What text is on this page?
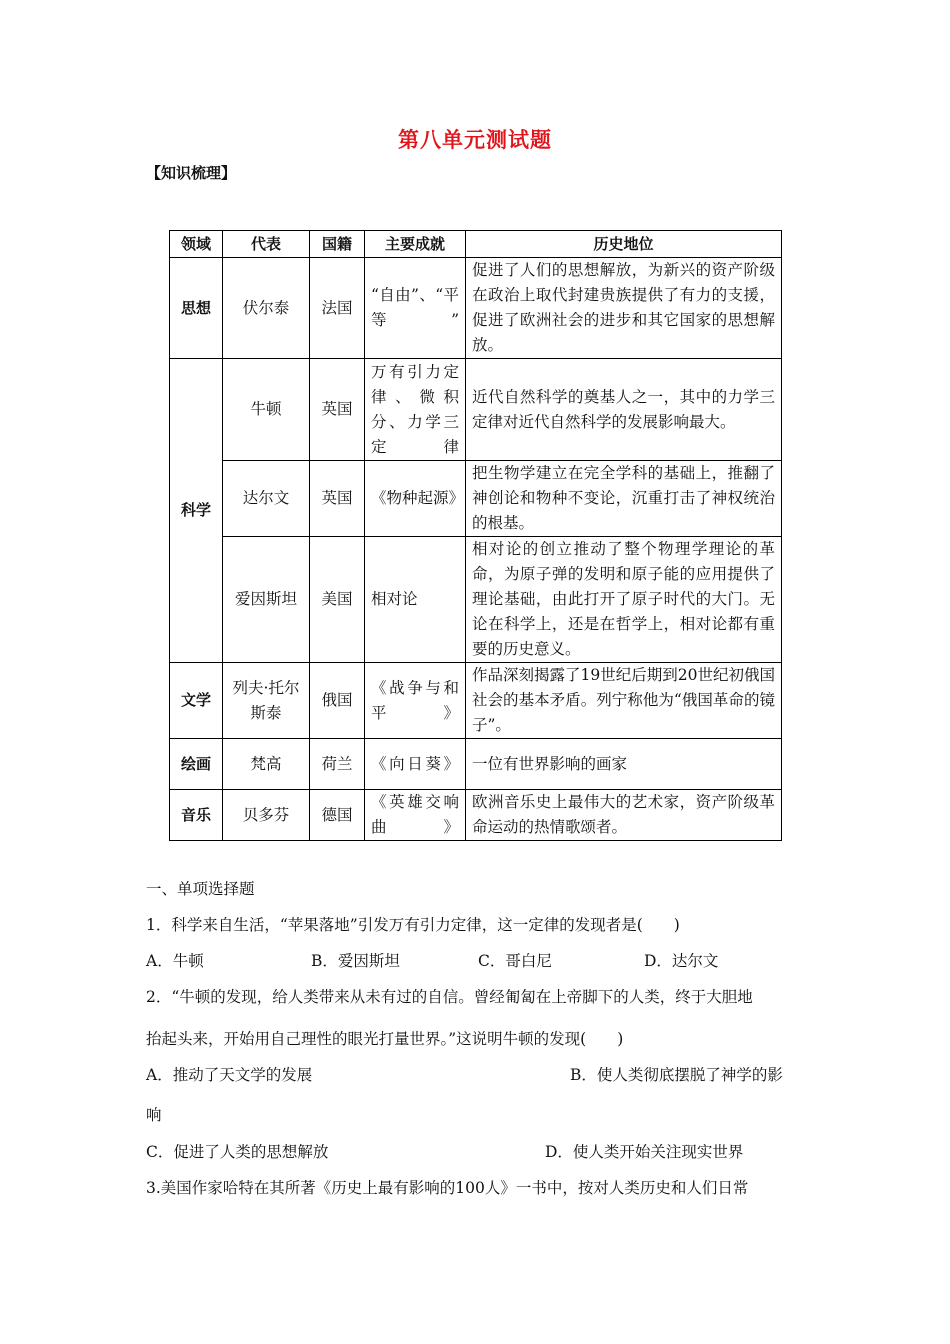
第八单元测试题
【知识梳理】
领域	代表	国籍	主要成就	历史地位
思想	伏尔泰	法国	“自由”、“平等”	促进了人们的思想解放，为新兴的资产阶级在政治上取代封建贵族提供了有力的支援，促进了欧洲社会的进步和其它国家的思想解放。
科学	牛顿	英国	万有引力定律、微积分、力学三定律	近代自然科学的奠基人之一，其中的力学三定律对近代自然科学的发展影响最大。
	达尔文	英国	《物种起源》	把生物学建立在完全学科的基础上，推翻了神创论和物种不变论，沉重打击了神权统治的根基。
	爱因斯坦	美国	相对论	相对论的创立推动了整个物理学理论的革命，为原子弹的发明和原子能的应用提供了理论基础，由此打开了原子时代的大门。无论在科学上，还是在哲学上，相对论都有重要的历史意义。
文学	列夫·托尔斯泰	俄国	《战争与和平》	作品深刻揭露了19世纪后期到20世纪初俄国社会的基本矛盾。列宁称他为“俄国革命的镜子”。
绘画	梵高	荷兰	《向日葵》	一位有世界影响的画家
音乐	贝多芬	德国	《英雄交响曲》	欧洲音乐史上最伟大的艺术家，资产阶级革命运动的热情歌颂者。
一、单项选择题
1．科学来自生活，“苹果落地”引发万有引力定律，这一定律的发现者是(　　)
A．牛顿	B．爱因斯坦	C．哥白尼	D．达尔文
2．“牛顿的发现，给人类带来从未有过的自信。曾经匍匐在上帝脚下的人类，终于大胆地
抬起头来，开始用自己理性的眼光打量世界。”这说明牛顿的发现(　　)
A．推动了天文学的发展	B．使人类彻底摆脱了神学的影
响
C．促进了人类的思想解放	D．使人类开始关注现实世界
3.美国作家哈特在其所著《历史上最有影响的100人》一书中，按对人类历史和人们日常
